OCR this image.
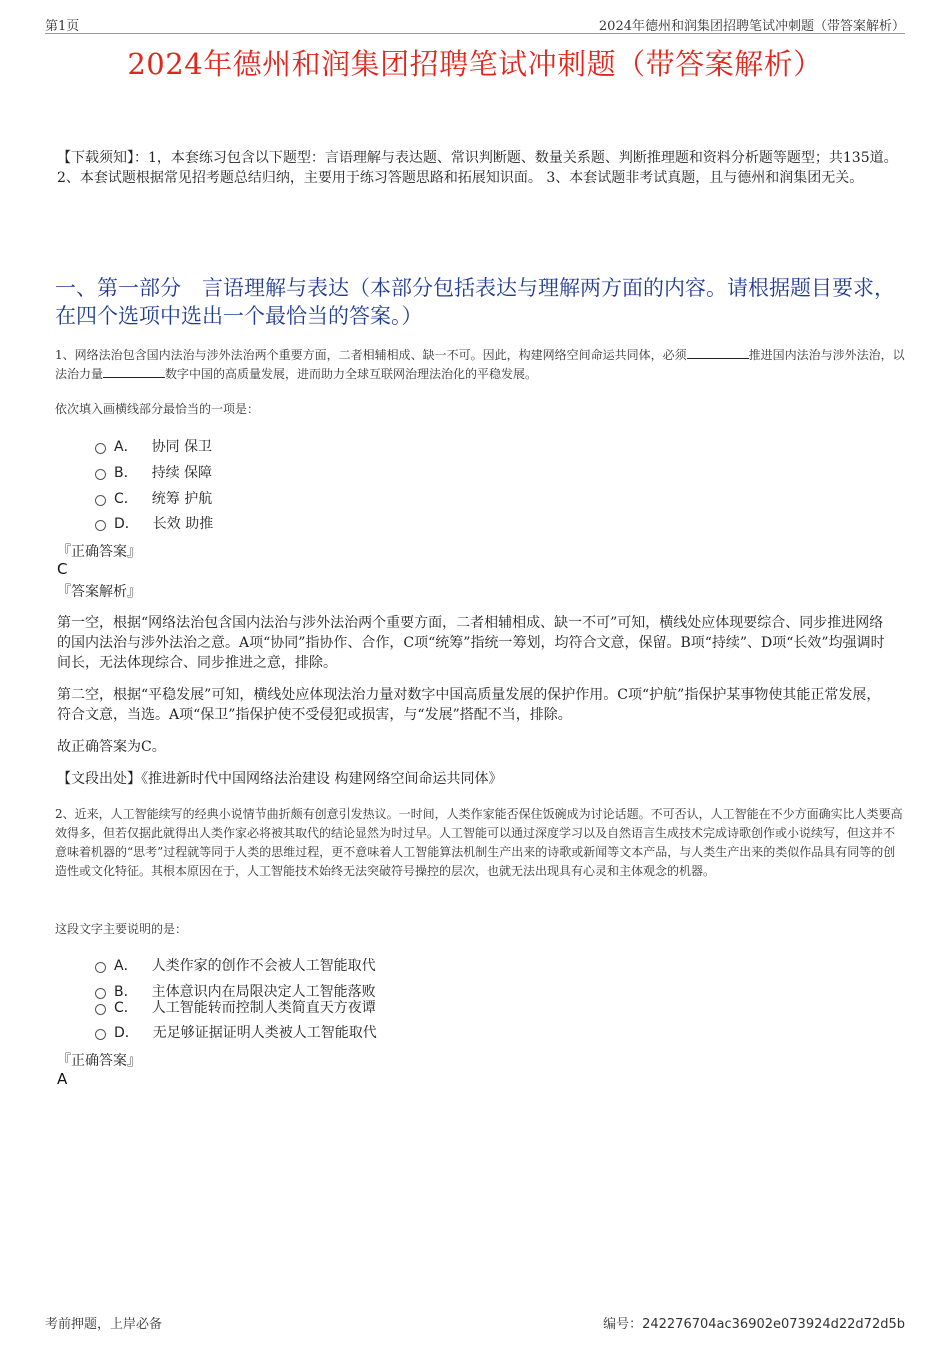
第1页	2024年德州和润集团招聘笔试冲刺题（带答案解析）
2024年德州和润集团招聘笔试冲刺题（带答案解析）
【下载须知】：1，本套练习包含以下题型：言语理解与表达题、常识判断题、数量关系题、判断推理题和资料分析题等题型；共135道。 2、本套试题根据常见招考题总结归纳，主要用于练习答题思路和拓展知识面。 3、本套试题非考试真题，且与德州和润集团无关。
一、第一部分　言语理解与表达（本部分包括表达与理解两方面的内容。请根据题目要求，在四个选项中选出一个最恰当的答案。）
1、网络法治包含国内法治与涉外法治两个重要方面，二者相辅相成、缺一不可。因此，构建网络空间命运共同体，必须	推进国内法治与涉外法治，以法治力量	数字中国的高质量发展，进而助力全球互联网治理法治化的平稳发展。
依次填入画横线部分最恰当的一项是：
A． 协同 保卫
B． 持续 保障
C． 统筹 护航
D． 长效 助推
『正确答案』
C
『答案解析』
第一空，根据“网络法治包含国内法治与涉外法治两个重要方面，二者相辅相成、缺一不可”可知，横线处应体现要综合、同步推进网络的国内法治与涉外法治之意。A项“协同”指协作、合作，C项“统筹”指统一筹划，均符合文意，保留。B项“持续”、D项“长效”均强调时间长，无法体现综合、同步推进之意，排除。
第二空，根据“平稳发展”可知，横线处应体现法治力量对数字中国高质量发展的保护作用。C项“护航”指保护某事物使其能正常发展，符合文意，当选。A项“保卫”指保护使不受侵犯或损害，与“发展”搭配不当，排除。
故正确答案为C。
【文段出处】《推进新时代中国网络法治建设 构建网络空间命运共同体》
2、近来，人工智能续写的经典小说情节曲折颇有创意引发热议。一时间，人类作家能否保住饭碗成为讨论话题。不可否认，人工智能在不少方面确实比人类要高效得多，但若仅据此就得出人类作家必将被其取代的结论显然为时过早。人工智能可以通过深度学习以及自然语言生成技术完成诗歌创作或小说续写，但这并不意味着机器的“思考”过程就等同于人类的思维过程，更不意味着人工智能算法机制生产出来的诗歌或新闻等文本产品，与人类生产出来的类似作品具有同等的创造性或文化特征。其根本原因在于，人工智能技术始终无法突破符号操控的层次，也就无法出现具有心灵和主体观念的机器。
这段文字主要说明的是：
A． 人类作家的创作不会被人工智能取代
B． 主体意识内在局限决定人工智能落败
C． 人工智能转而控制人类简直天方夜谭
D． 无足够证据证明人类被人工智能取代
『正确答案』
A
考前押题，上岸必备	编号：242276704ac36902e073924d22d72d5b
